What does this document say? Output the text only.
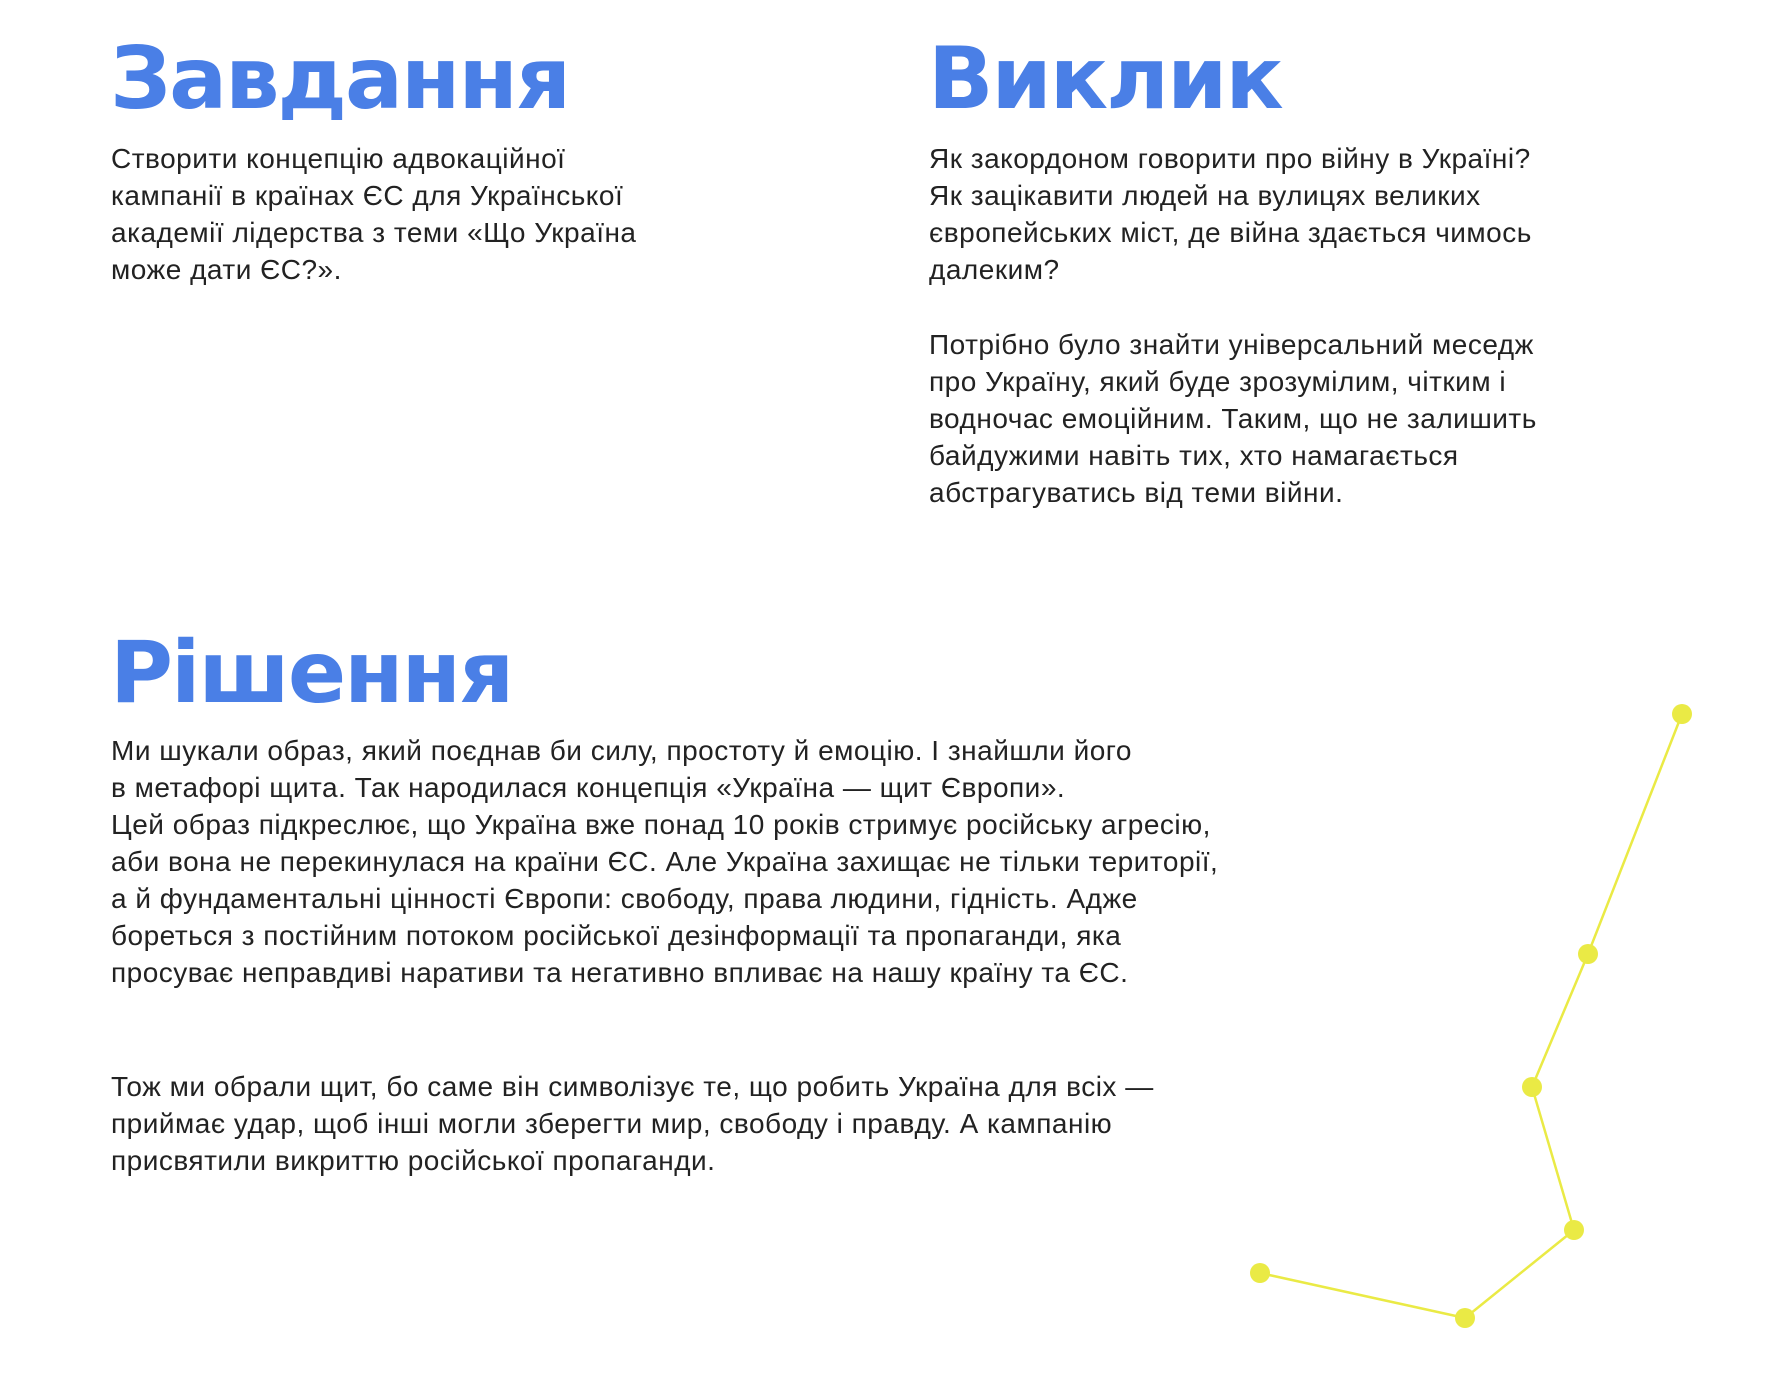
Завдання

Створити концепцію адвокаційної
кампанії в країнах ЄС для Української
академії лідерства з теми «Що Україна
може дати ЄС?».

Виклик

Як закордоном говорити про війну в Україні?
Як зацікавити людей на вулицях великих
європейських міст, де війна здається чимось
далеким?

Потрібно було знайти універсальний меседж
про Україну, який буде зрозумілим, чітким і
водночас емоційним. Таким, що не залишить
байдужими навіть тих, хто намагається
абстрагуватись від теми війни.

Рішення

Ми шукали образ, який поєднав би силу, простоту й емоцію. І знайшли його
в метафорі щита. Так народилася концепція «Україна — щит Європи».
Цей образ підкреслює, що Україна вже понад 10 років стримує російську агресію,
аби вона не перекинулася на країни ЄС. Але Україна захищає не тільки території,
а й фундаментальні цінності Європи: свободу, права людини, гідність. Адже
бореться з постійним потоком російської дезінформації та пропаганди, яка
просуває неправдиві наративи та негативно впливає на нашу країну та ЄС.

Тож ми обрали щит, бо саме він символізує те, що робить Україна для всіх —
приймає удар, щоб інші могли зберегти мир, свободу і правду. А кампанію
присвятили викриттю російської пропаганди.
